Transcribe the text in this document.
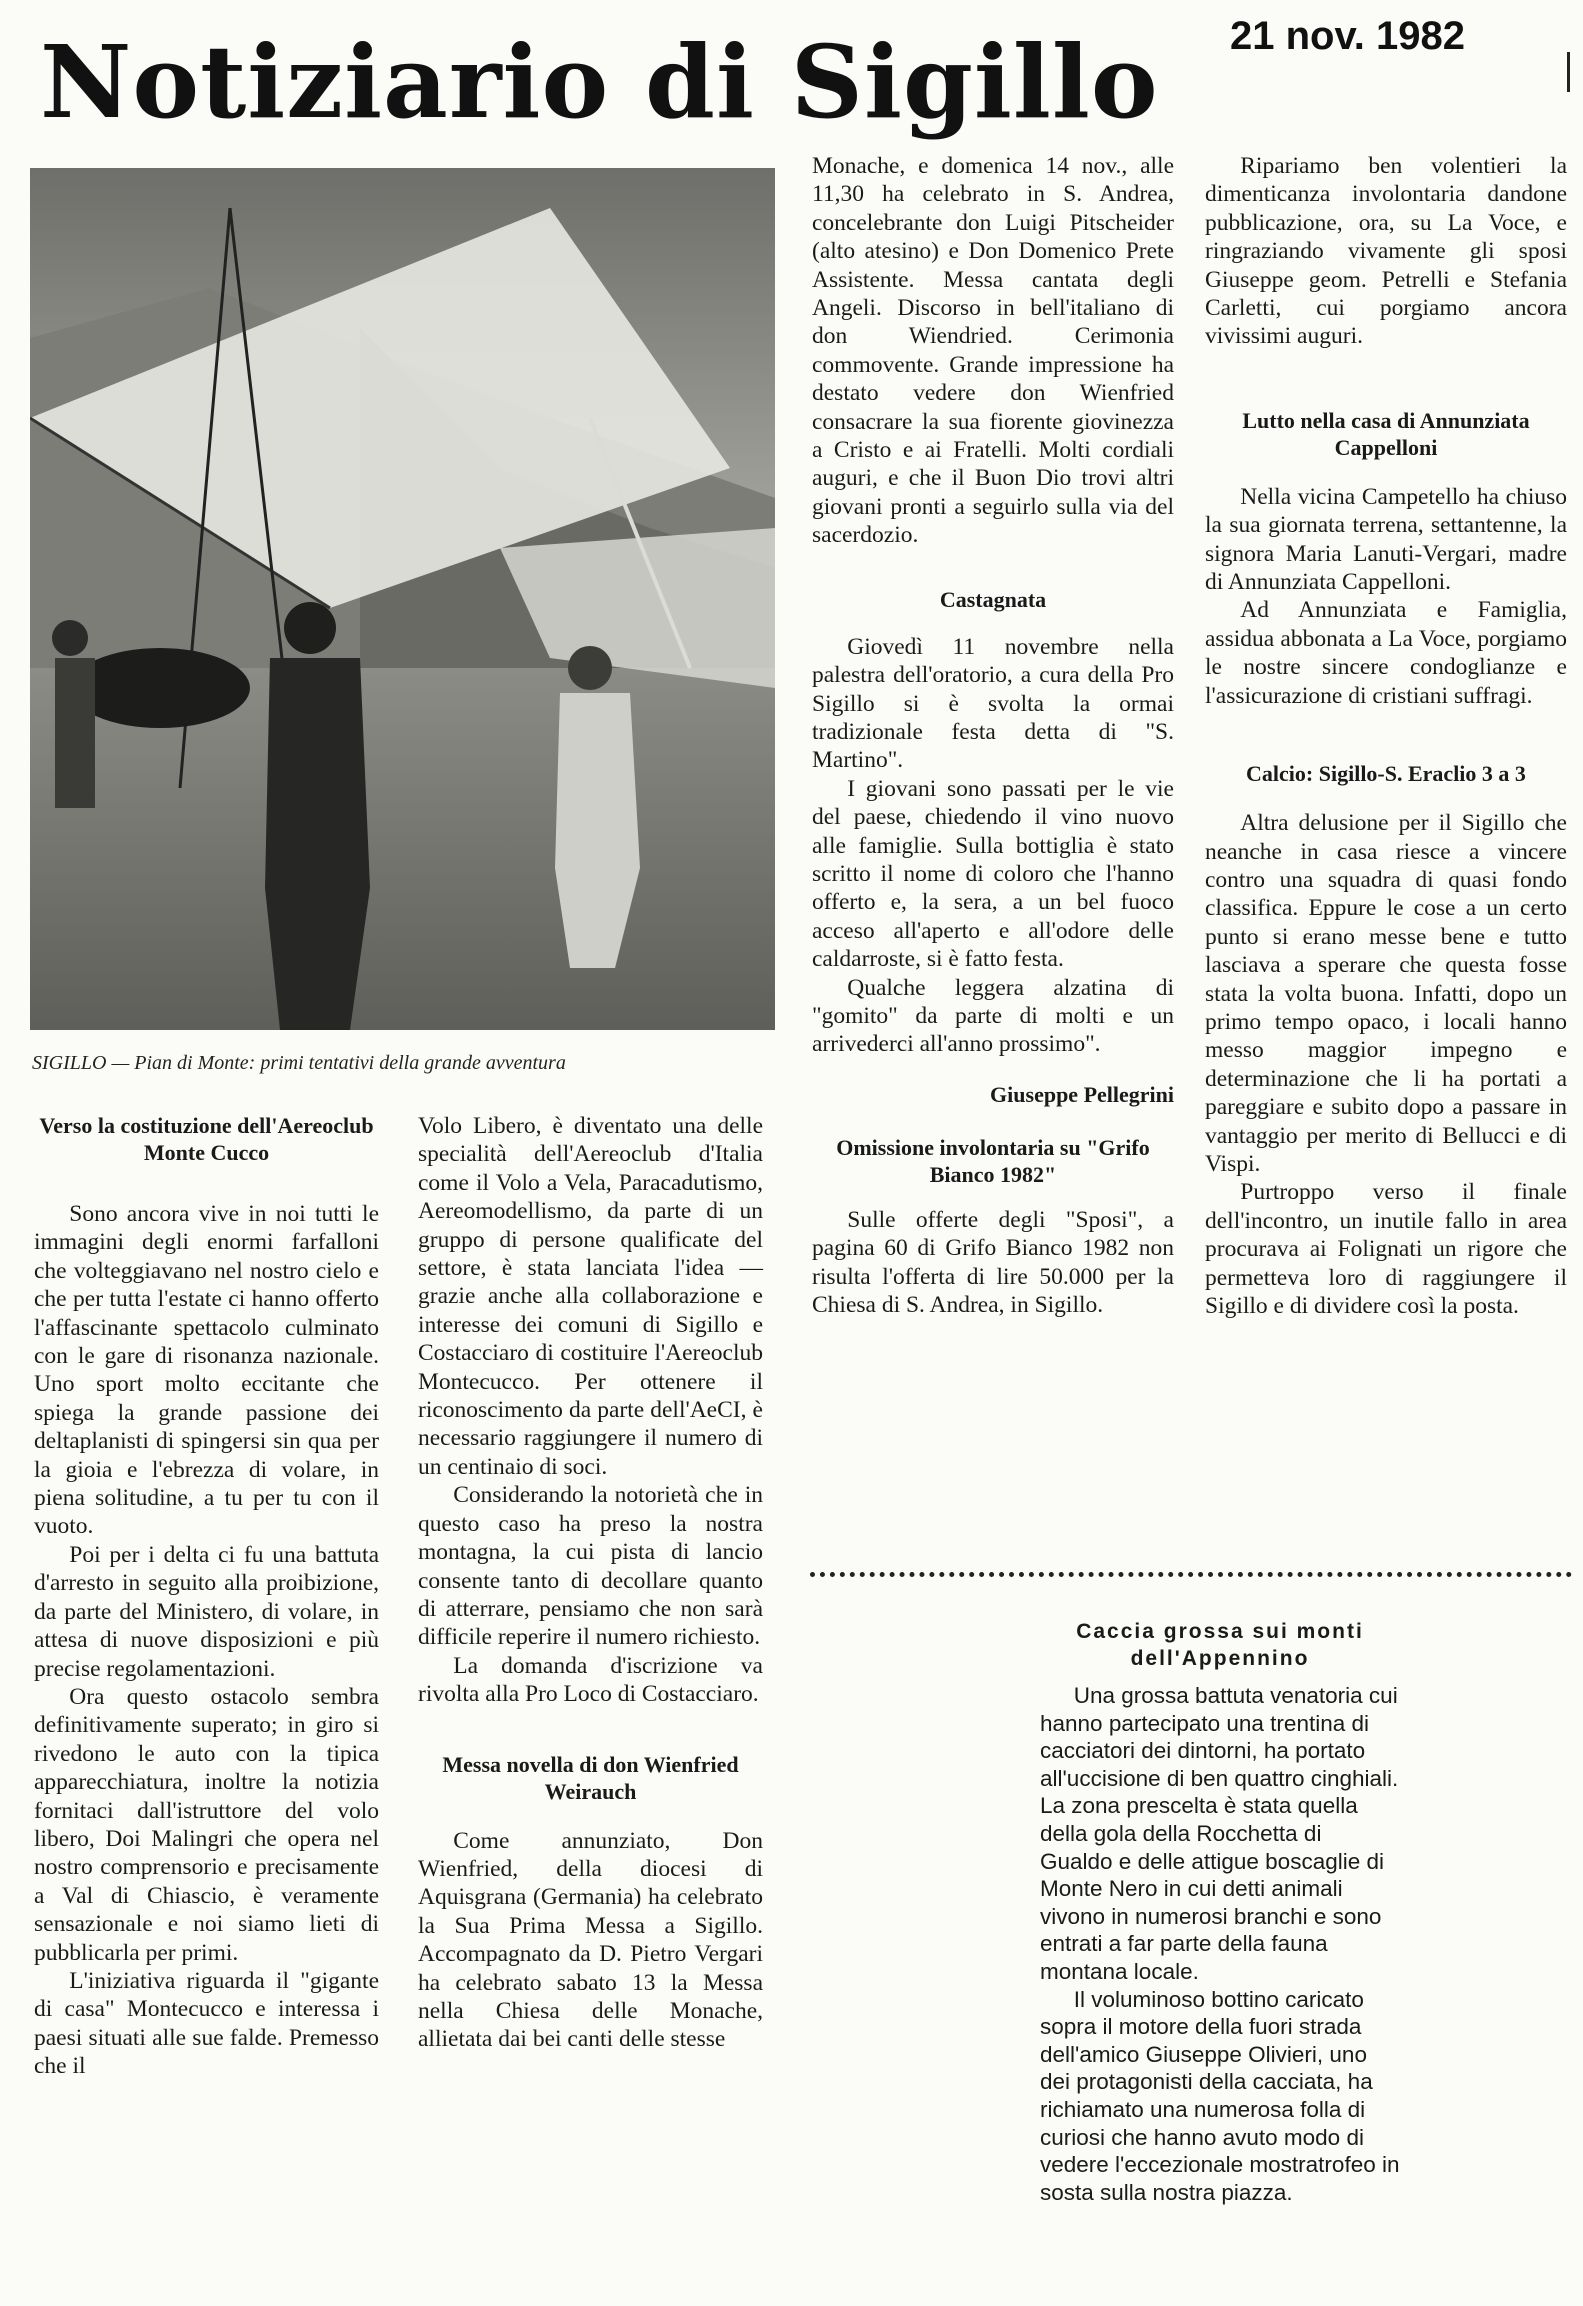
Notiziario di Sigillo 21 nov. 1982
SIGILLO — Pian di Monte: primi tentativi della grande avventura
Verso la costituzione dell'Aereoclub Monte Cucco

Sono ancora vive in noi tutti le immagini degli enormi farfalloni che volteggiavano nel nostro cielo e che per tutta l'estate ci hanno offerto l'affascinante spettacolo culminato con le gare di risonanza nazionale. Uno sport molto eccitante che spiega la grande passione dei deltaplanisti di spingersi sin qua per la gioia e l'ebrezza di volare, in piena solitudine, a tu per tu con il vuoto.

Poi per i delta ci fu una battuta d'arresto in seguito alla proibizione, da parte del Ministero, di volare, in attesa di nuove disposizioni e più precise regolamentazioni.

Ora questo ostacolo sembra definitivamente superato; in giro si rivedono le auto con la tipica apparecchiatura, inoltre la notizia fornitaci dall'istruttore del volo libero, Doi Malingri che opera nel nostro comprensorio e precisamente a Val di Chiascio, è veramente sensazionale e noi siamo lieti di pubblicarla per primi.

L'iniziativa riguarda il "gigante di casa" Montecucco e interessa i paesi situati alle sue falde. Premesso che il

Volo Libero, è diventato una delle specialità dell'Aereoclub d'Italia come il Volo a Vela, Paracadutismo, Aereomodellismo, da parte di un gruppo di persone qualificate del settore, è stata lanciata l'idea — grazie anche alla collaborazione e interesse dei comuni di Sigillo e Costacciaro di costituire l'Aereoclub Montecucco. Per ottenere il riconoscimento da parte dell'AeCI, è necessario raggiungere il numero di un centinaio di soci.

Considerando la notorietà che in questo caso ha preso la nostra montagna, la cui pista di lancio consente tanto di decollare quanto di atterrare, pensiamo che non sarà difficile reperire il numero richiesto.

La domanda d'iscrizione va rivolta alla Pro Loco di Costacciaro.

Messa novella di don Wienfried Weirauch

Come annunziato, Don Wienfried, della diocesi di Aquisgrana (Germania) ha celebrato la Sua Prima Messa a Sigillo. Accompagnato da D. Pietro Vergari ha celebrato sabato 13 la Messa nella Chiesa delle Monache, allietata dai bei canti delle stesse

Monache, e domenica 14 nov., alle 11,30 ha celebrato in S. Andrea, concelebrante don Luigi Pitscheider (alto atesino) e Don Domenico Prete Assistente. Messa cantata degli Angeli. Discorso in bell'italiano di don Wiendried. Cerimonia commovente. Grande impressione ha destato vedere don Wienfried consacrare la sua fiorente giovinezza a Cristo e ai Fratelli. Molti cordiali auguri, e che il Buon Dio trovi altri giovani pronti a seguirlo sulla via del sacerdozio.

Castagnata

Giovedì 11 novembre nella palestra dell'oratorio, a cura della Pro Sigillo si è svolta la ormai tradizionale festa detta di "S. Martino".

I giovani sono passati per le vie del paese, chiedendo il vino nuovo alle famiglie. Sulla bottiglia è stato scritto il nome di coloro che l'hanno offerto e, la sera, a un bel fuoco acceso all'aperto e all'odore delle caldarroste, si è fatto festa.

Qualche leggera alzatina di "gomito" da parte di molti e un arrivederci all'anno prossimo".

Giuseppe Pellegrini
Omissione involontaria su "Grifo Bianco 1982"

Sulle offerte degli "Sposi", a pagina 60 di Grifo Bianco 1982 non risulta l'offerta di lire 50.000 per la Chiesa di S. Andrea, in Sigillo.

Ripariamo ben volentieri la dimenticanza involontaria dandone pubblicazione, ora, su La Voce, e ringraziando vivamente gli sposi Giuseppe geom. Petrelli e Stefania Carletti, cui porgiamo ancora vivissimi auguri.

Lutto nella casa di Annunziata Cappelloni

Nella vicina Campetello ha chiuso la sua giornata terrena, settantenne, la signora Maria Lanuti-Vergari, madre di Annunziata Cappelloni.

Ad Annunziata e Famiglia, assidua abbonata a La Voce, porgiamo le nostre sincere condoglianze e l'assicurazione di cristiani suffragi.

Calcio: Sigillo-S. Eraclio 3 a 3

Altra delusione per il Sigillo che neanche in casa riesce a vincere contro una squadra di quasi fondo classifica. Eppure le cose a un certo punto si erano messe bene e tutto lasciava a sperare che questa fosse stata la volta buona. Infatti, dopo un primo tempo opaco, i locali hanno messo maggior impegno e determinazione che li ha portati a pareggiare e subito dopo a passare in vantaggio per merito di Bellucci e di Vispi.

Purtroppo verso il finale dell'incontro, un inutile fallo in area procurava ai Folignati un rigore che permetteva loro di raggiungere il Sigillo e di dividere così la posta.

Caccia grossa sui monti dell'Appennino

Una grossa battuta venatoria cui hanno partecipato una trentina di cacciatori dei dintorni, ha portato all'uccisione di ben quattro cinghiali. La zona prescelta è stata quella della gola della Rocchetta di Gualdo e delle attigue boscaglie di Monte Nero in cui detti animali vivono in numerosi branchi e sono entrati a far parte della fauna montana locale.

Il voluminoso bottino caricato sopra il motore della fuori strada dell'amico Giuseppe Olivieri, uno dei protagonisti della cacciata, ha richiamato una numerosa folla di curiosi che hanno avuto modo di vedere l'eccezionale mostratrofeo in sosta sulla nostra piazza.
